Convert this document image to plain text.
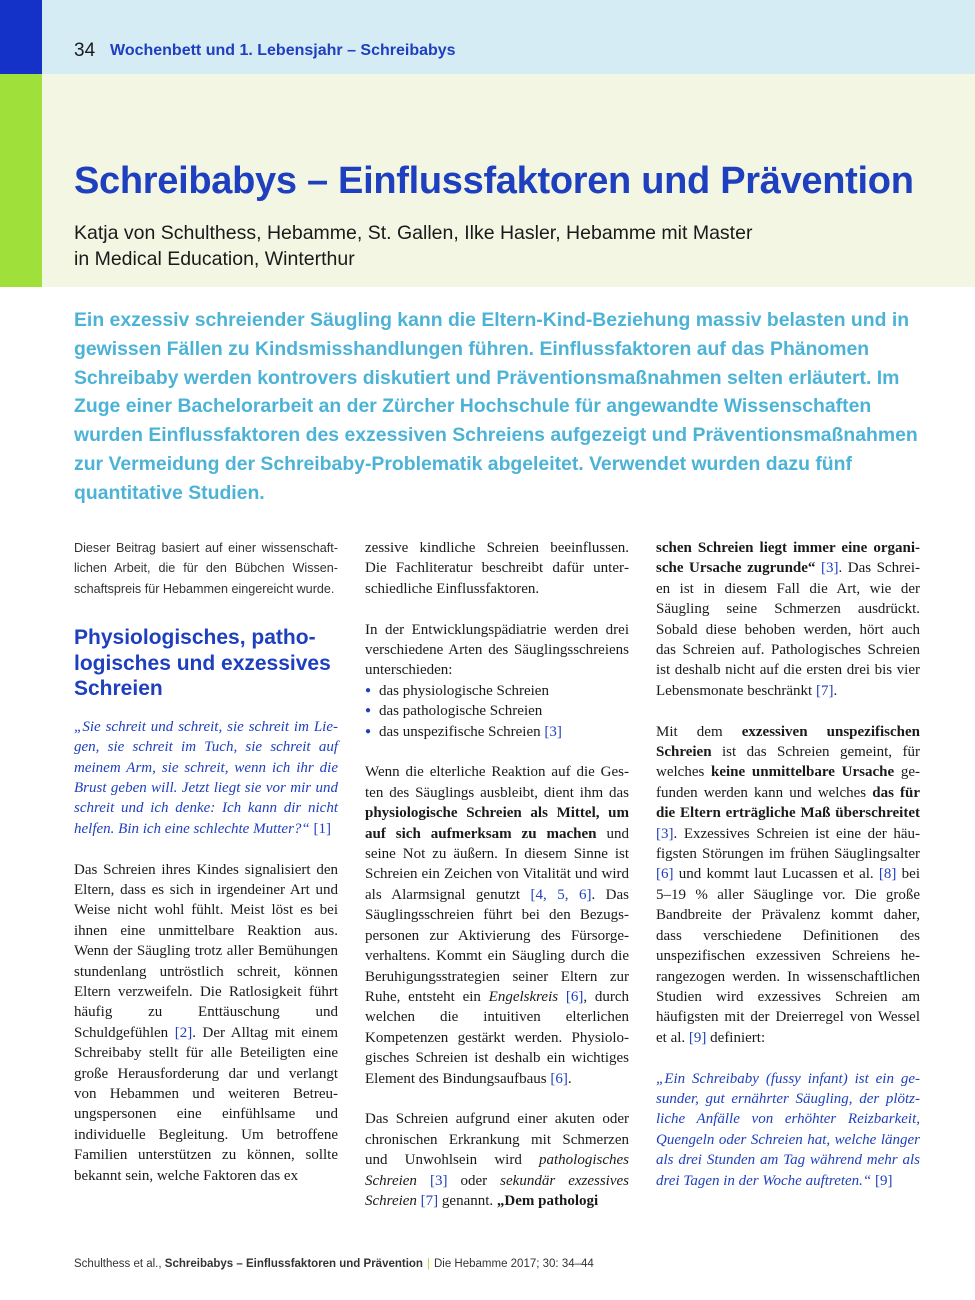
34 Wochenbett und 1. Lebensjahr – Schreibabys
Schreibabys – Einflussfaktoren und Prävention
Katja von Schulthess, Hebamme, St. Gallen, Ilke Hasler, Hebamme mit Master
in Medical Education, Winterthur

Ein exzessiv schreiender Säugling kann die Eltern-Kind-Beziehung massiv belasten und in gewissen Fällen zu Kindsmisshandlungen führen. Einflussfaktoren auf das Phänomen Schreibaby werden kontrovers diskutiert und Präventionsmaßnahmen selten erläutert. Im Zuge einer Bachelorarbeit an der Zürcher Hochschule für angewandte Wissenschaften wurden Einflussfaktoren des exzessiven Schreiens aufgezeigt und Präventionsmaßnahmen zur Vermeidung der Schreibaby-Problematik abgeleitet. Verwendet wurden dazu fünf quantitative Studien.

Dieser Beitrag basiert auf einer wissenschaftlichen Arbeit, die für den Bübchen Wissenschaftspreis für Hebammen eingereicht wurde.

Physiologisches, pathologisches und exzessives Schreien

„Sie schreit und schreit, sie schreit im Liegen, sie schreit im Tuch, sie schreit auf meinem Arm, sie schreit, wenn ich ihr die Brust geben will. Jetzt liegt sie vor mir und schreit und ich denke: Ich kann dir nicht helfen. Bin ich eine schlechte Mutter?“ [1]

Das Schreien ihres Kindes signalisiert den Eltern, dass es sich in irgendeiner Art und Weise nicht wohl fühlt. Meist löst es bei ihnen eine unmittelbare Reaktion aus. Wenn der Säugling trotz aller Bemühungen stundenlang untröstlich schreit, können Eltern verzweifeln. Die Ratlosigkeit führt häufig zu Enttäuschung und Schuldgefühlen [2]. Der Alltag mit einem Schreibaby stellt für alle Beteiligten eine große Herausforderung dar und verlangt von Hebammen und weiteren Betreuungspersonen eine einfühlsame und individuelle Begleitung. Um betroffene Familien unterstützen zu können, sollte bekannt sein, welche Faktoren das ex

zessive kindliche Schreien beeinflussen. Die Fachliteratur beschreibt dafür unterschiedliche Einflussfaktoren.

In der Entwicklungspädiatrie werden drei verschiedene Arten des Säuglingsschreiens unterschieden:

● das physiologische Schreien
● das pathologische Schreien
● das unspezifische Schreien [3]

Wenn die elterliche Reaktion auf die Gesten des Säuglings ausbleibt, dient ihm das physiologische Schreien als Mittel, um auf sich aufmerksam zu machen und seine Not zu äußern. In diesem Sinne ist Schreien ein Zeichen von Vitalität und wird als Alarmsignal genutzt [4, 5, 6]. Das Säuglingsschreien führt bei den Bezugspersonen zur Aktivierung des Fürsorgeverhaltens. Kommt ein Säugling durch die Beruhigungsstrategien seiner Eltern zur Ruhe, entsteht ein Engelskreis [6], durch welchen die intuitiven elterlichen Kompetenzen gestärkt werden. Physiologisches Schreien ist deshalb ein wichtiges Element des Bindungsaufbaus [6].

Das Schreien aufgrund einer akuten oder chronischen Erkrankung mit Schmerzen und Unwohlsein wird pathologisches Schreien [3] oder sekundär exzessives Schreien [7] genannt. „Dem pathologi

schen Schreien liegt immer eine organische Ursache zugrunde“ [3]. Das Schreien ist in diesem Fall die Art, wie der Säugling seine Schmerzen ausdrückt. Sobald diese behoben werden, hört auch das Schreien auf. Pathologisches Schreien ist deshalb nicht auf die ersten drei bis vier Lebensmonate beschränkt [7].

Mit dem exzessiven unspezifischen Schreien ist das Schreien gemeint, für welches keine unmittelbare Ursache gefunden werden kann und welches das für die Eltern erträgliche Maß überschreitet [3]. Exzessives Schreien ist eine der häufigsten Störungen im frühen Säuglingsalter [6] und kommt laut Lucassen et al. [8] bei 5–19 % aller Säuglinge vor. Die große Bandbreite der Prävalenz kommt daher, dass verschiedene Definitionen des unspezifischen exzessiven Schreiens herangezogen werden. In wissenschaftlichen Studien wird exzessives Schreien am häufigsten mit der Dreierregel von Wessel et al. [9] definiert:

„Ein Schreibaby (fussy infant) ist ein gesunder, gut ernährter Säugling, der plötzliche Anfälle von erhöhter Reizbarkeit, Quengeln oder Schreien hat, welche länger als drei Stunden am Tag während mehr als drei Tagen in der Woche auftreten.“ [9]

Schulthess et al., Schreibabys – Einflussfaktoren und Prävention | Die Hebamme 2017; 30: 34–44
